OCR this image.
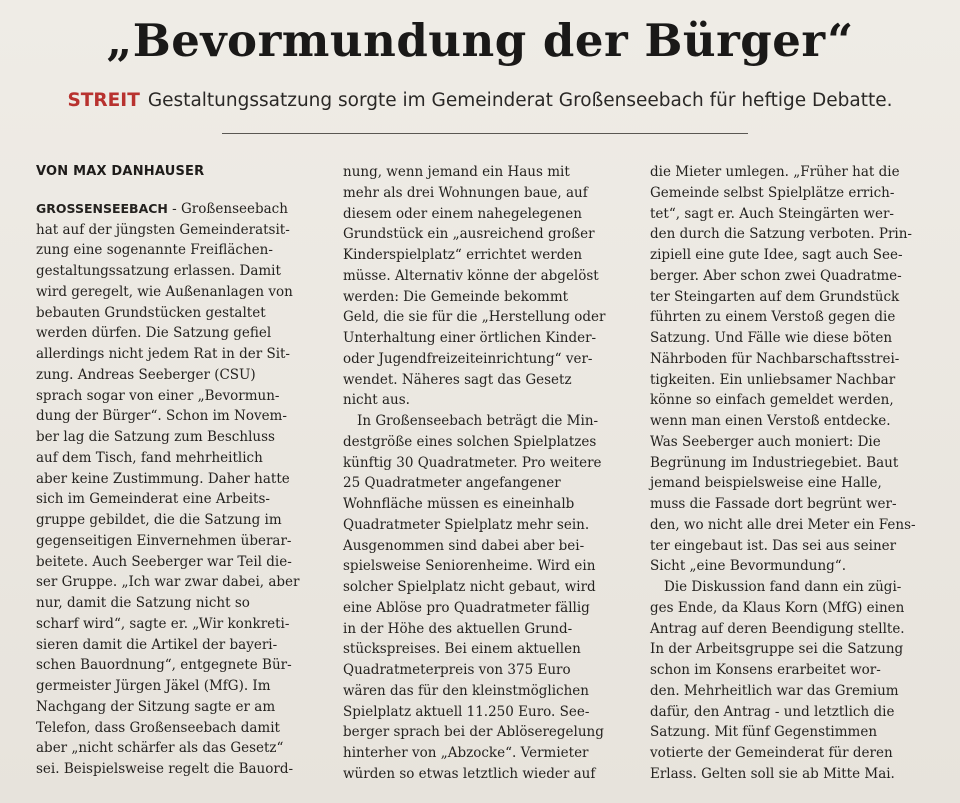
„Bevormundung der Bürger“
STREIT Gestaltungssatzung sorgte im Gemeinderat Großenseebach für heftige Debatte.
VON MAX DANHAUSER
GROSSENSEEBACH - Großenseebach
hat auf der jüngsten Gemeinderatsit-
zung eine sogenannte Freiflächen-
gestaltungssatzung erlassen. Damit
wird geregelt, wie Außenanlagen von
bebauten Grundstücken gestaltet
werden dürfen. Die Satzung gefiel
allerdings nicht jedem Rat in der Sit-
zung. Andreas Seeberger (CSU)
sprach sogar von einer „Bevormun-
dung der Bürger“. Schon im Novem-
ber lag die Satzung zum Beschluss
auf dem Tisch, fand mehrheitlich
aber keine Zustimmung. Daher hatte
sich im Gemeinderat eine Arbeits-
gruppe gebildet, die die Satzung im
gegenseitigen Einvernehmen überar-
beitete. Auch Seeberger war Teil die-
ser Gruppe. „Ich war zwar dabei, aber
nur, damit die Satzung nicht so
scharf wird“, sagte er. „Wir konkreti-
sieren damit die Artikel der bayeri-
schen Bauordnung“, entgegnete Bür-
germeister Jürgen Jäkel (MfG). Im
Nachgang der Sitzung sagte er am
Telefon, dass Großenseebach damit
aber „nicht schärfer als das Gesetz“
sei. Beispielsweise regelt die Bauord-
nung, wenn jemand ein Haus mit
mehr als drei Wohnungen baue, auf
diesem oder einem nahegelegenen
Grundstück ein „ausreichend großer
Kinderspielplatz“ errichtet werden
müsse. Alternativ könne der abgelöst
werden: Die Gemeinde bekommt
Geld, die sie für die „Herstellung oder
Unterhaltung einer örtlichen Kinder-
oder Jugendfreizeiteinrichtung“ ver-
wendet. Näheres sagt das Gesetz
nicht aus.
In Großenseebach beträgt die Min-
destgröße eines solchen Spielplatzes
künftig 30 Quadratmeter. Pro weitere
25 Quadratmeter angefangener
Wohnfläche müssen es eineinhalb
Quadratmeter Spielplatz mehr sein.
Ausgenommen sind dabei aber bei-
spielsweise Seniorenheime. Wird ein
solcher Spielplatz nicht gebaut, wird
eine Ablöse pro Quadratmeter fällig
in der Höhe des aktuellen Grund-
stückspreises. Bei einem aktuellen
Quadratmeterpreis von 375 Euro
wären das für den kleinstmöglichen
Spielplatz aktuell 11.250 Euro. See-
berger sprach bei der Ablöseregelung
hinterher von „Abzocke“. Vermieter
würden so etwas letztlich wieder auf
die Mieter umlegen. „Früher hat die
Gemeinde selbst Spielplätze errich-
tet“, sagt er. Auch Steingärten wer-
den durch die Satzung verboten. Prin-
zipiell eine gute Idee, sagt auch See-
berger. Aber schon zwei Quadratme-
ter Steingarten auf dem Grundstück
führten zu einem Verstoß gegen die
Satzung. Und Fälle wie diese böten
Nährboden für Nachbarschaftsstrei-
tigkeiten. Ein unliebsamer Nachbar
könne so einfach gemeldet werden,
wenn man einen Verstoß entdecke.
Was Seeberger auch moniert: Die
Begrünung im Industriegebiet. Baut
jemand beispielsweise eine Halle,
muss die Fassade dort begrünt wer-
den, wo nicht alle drei Meter ein Fens-
ter eingebaut ist. Das sei aus seiner
Sicht „eine Bevormundung“.
Die Diskussion fand dann ein zügi-
ges Ende, da Klaus Korn (MfG) einen
Antrag auf deren Beendigung stellte.
In der Arbeitsgruppe sei die Satzung
schon im Konsens erarbeitet wor-
den. Mehrheitlich war das Gremium
dafür, den Antrag - und letztlich die
Satzung. Mit fünf Gegenstimmen
votierte der Gemeinderat für deren
Erlass. Gelten soll sie ab Mitte Mai.
